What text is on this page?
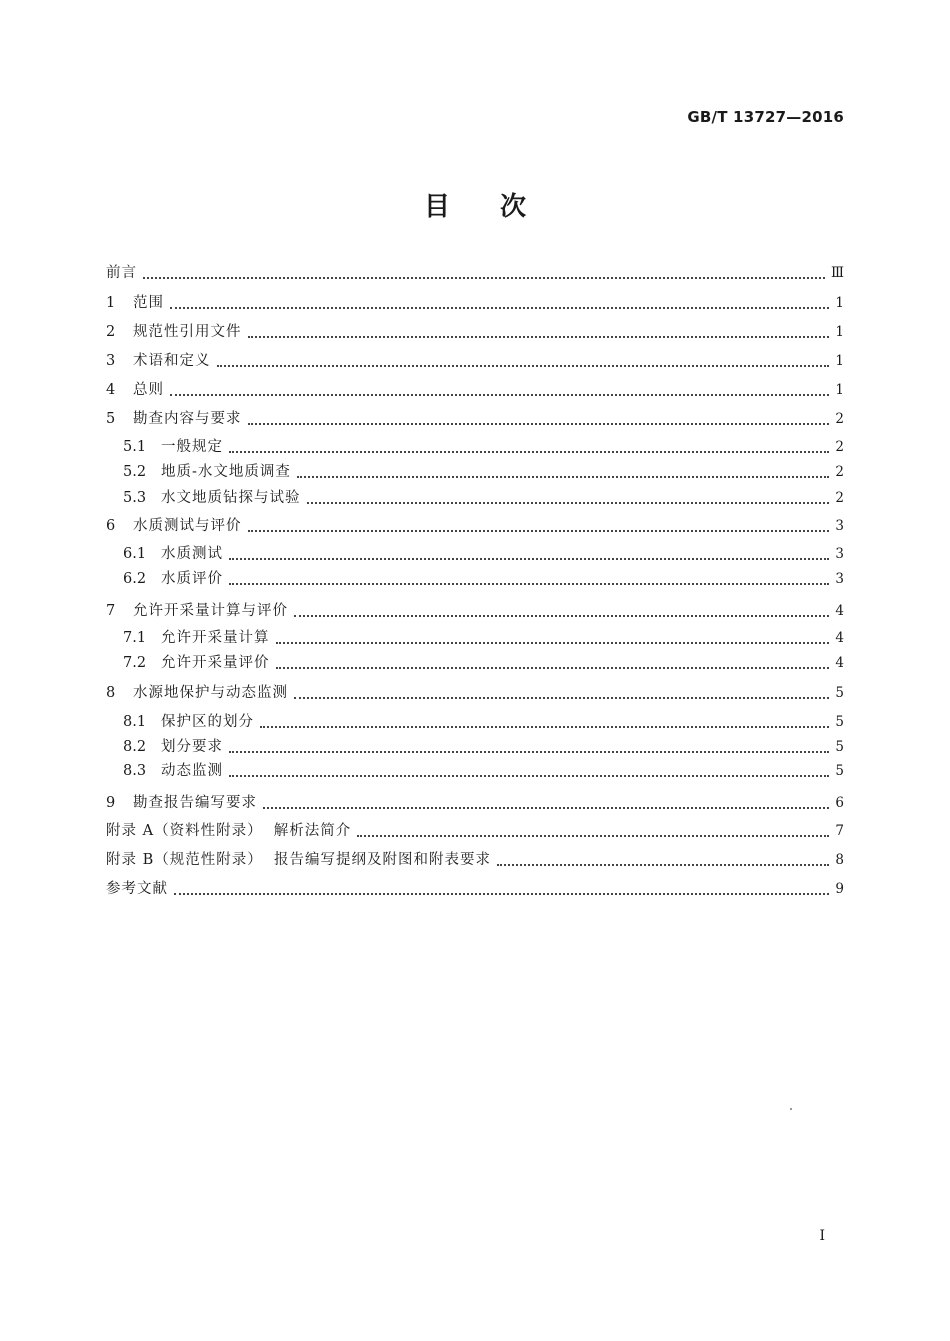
GB/T 13727—2016
目次
前言	Ⅲ
1	范围	1
2	规范性引用文件	1
3	术语和定义	1
4	总则	1
5	勘查内容与要求	2
5.1	一般规定	2
5.2	地质-水文地质调查	2
5.3	水文地质钻探与试验	2
6	水质测试与评价	3
6.1	水质测试	3
6.2	水质评价	3
7	允许开采量计算与评价	4
7.1	允许开采量计算	4
7.2	允许开采量评价	4
8	水源地保护与动态监测	5
8.1	保护区的划分	5
8.2	划分要求	5
8.3	动态监测	5
9	勘查报告编写要求	6
附录 A（资料性附录）  解析法简介	7
附录 B（规范性附录）  报告编写提纲及附图和附表要求	8
参考文献	9
I
